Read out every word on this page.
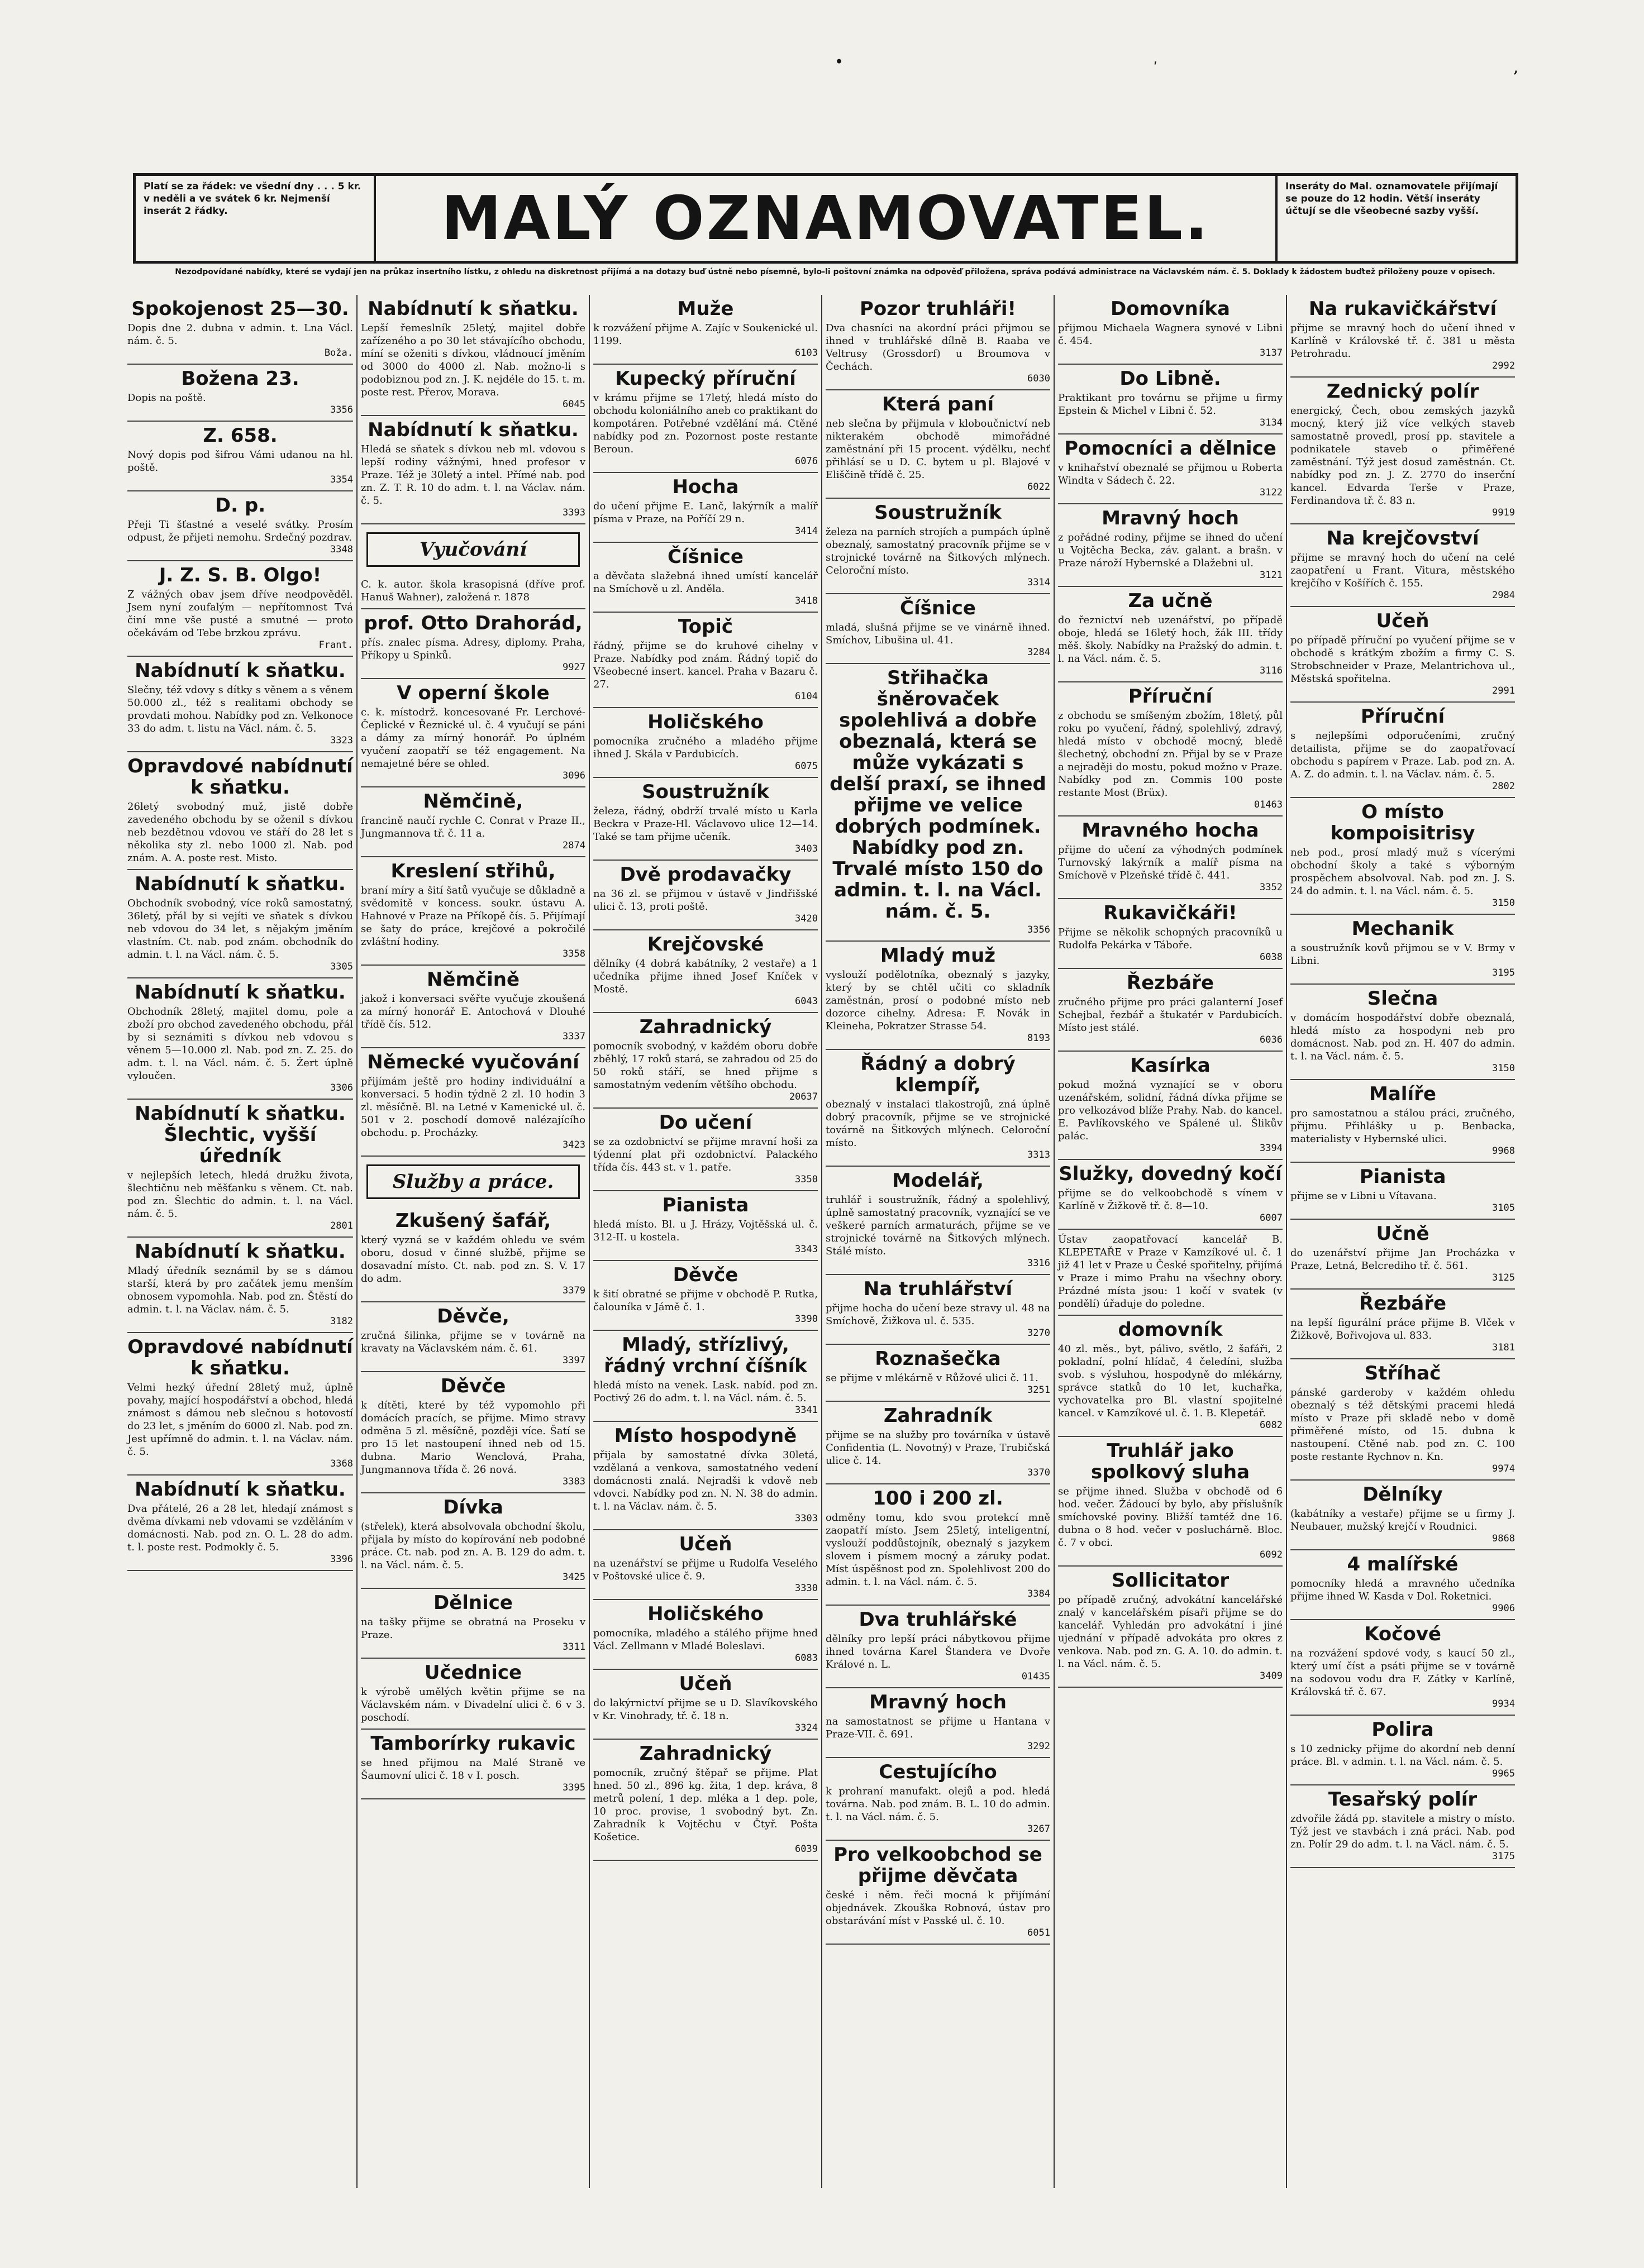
•	ʹ	,
Platí se za řádek: ve všední dny . . . 5 kr. v neděli a ve svátek 6 kr. Nejmenší inserát 2 řádky.	MALÝ OZNAMOVATEL.	Inseráty do Mal. oznamovatele přijímají se pouze do 12 hodin. Větší inseráty účtují se dle všeobecné sazby vyšší.
Nezodpovídané nabídky, které se vydají jen na průkaz insertního lístku, z ohledu na diskretnost přijímá a na dotazy buď ústně nebo písemně, bylo-li poštovní známka na odpověď přiložena, správa podává administrace na Václavském nám. č. 5. Doklady k žádostem buďtež přiloženy pouze v opisech.
Spokojenost 25—30.

Dopis dne 2. dubna v admin. t. Lna Václ. nám. č. 5.

Boža.
Božena 23.

Dopis na poště.

3356
Z. 658.

Nový dopis pod šifrou Vámi udanou na hl. poště.

3354
D. p.

Přeji Ti šťastné a veselé svátky. Prosím odpust, že přijeti nemohu. Srdečný pozdrav.

3348
J. Z. S. B. Olgo!

Z vážných obav jsem dříve neodpověděl. Jsem nyní zoufalým — nepřítomnost Tvá činí mne vše pusté a smutné — proto očekávám od Tebe brzkou zprávu.

Frant.
Nabídnutí k sňatku.

Slečny, též vdovy s dítky s věnem a s věnem 50.000 zl., též s realitami obchody se provdati mohou. Nabídky pod zn. Velkonoce 33 do adm. t. listu na Václ. nám. č. 5.

3323
Opravdové nabídnutí k sňatku.

26letý svobodný muž, jistě dobře zavedeného obchodu by se oženil s dívkou neb bezdětnou vdovou ve stáří do 28 let s několika sty zl. nebo 1000 zl. Nab. pod znám. A. A. poste rest. Misto.

Nabídnutí k sňatku.

Obchodník svobodný, více roků samostatný, 36letý, přál by si vejíti ve sňatek s dívkou neb vdovou do 34 let, s nějakým jměním vlastním. Ct. nab. pod znám. obchodník do admin. t. l. na Václ. nám. č. 5.

3305
Nabídnutí k sňatku.

Obchodník 28letý, majitel domu, pole a zboží pro obchod zavedeného obchodu, přál by si seznámiti s dívkou neb vdovou s věnem 5—10.000 zl. Nab. pod zn. Z. 25. do adm. t. l. na Václ. nám. č. 5. Žert úplně vyloučen.

3306
Nabídnutí k sňatku. Šlechtic, vyšší úředník

v nejlepších letech, hledá družku života, šlechtičnu neb měšťanku s věnem. Ct. nab. pod zn. Šlechtic do admin. t. l. na Václ. nám. č. 5.

2801
Nabídnutí k sňatku.

Mladý úředník seznámil by se s dámou starší, která by pro začátek jemu menším obnosem vypomohla. Nab. pod zn. Štěstí do admin. t. l. na Václav. nám. č. 5.

3182
Opravdové nabídnutí k sňatku.

Velmi hezký úřední 28letý muž, úplně povahy, mající hospodářství a obchod, hledá známost s dámou neb slečnou s hotovostí do 23 let, s jměním do 6000 zl. Nab. pod zn. Jest upřímně do admin. t. l. na Václav. nám. č. 5.

3368
Nabídnutí k sňatku.

Dva přátelé, 26 a 28 let, hledají známost s dvěma dívkami neb vdovami se vzděláním v domácnosti. Nab. pod zn. O. L. 28 do adm. t. l. poste rest. Podmokly č. 5.

3396
Nabídnutí k sňatku.

Lepší řemeslník 25letý, majitel dobře zařízeného a po 30 let stávajícího obchodu, míní se oženiti s dívkou, vládnoucí jměním od 3000 do 4000 zl. Nab. možno-li s podobiznou pod zn. J. K. nejdéle do 15. t. m. poste rest. Přerov, Morava.

6045
Nabídnutí k sňatku.

Hledá se sňatek s dívkou neb ml. vdovou s lepší rodiny vážnými, hned profesor v Praze. Též je 30letý a intel. Přímé nab. pod zn. Z. T. R. 10 do adm. t. l. na Václav. nám. č. 5.

3393
Vyučování

C. k. autor. škola krasopisná (dříve prof. Hanuš Wahner), založená r. 1878

prof. Otto Drahorád,

přís. znalec písma. Adresy, diplomy. Praha, Příkopy u Spinků.

9927
V operní škole

c. k. místodrž. koncesované Fr. Lerchové-Čeplické v Řeznické ul. č. 4 vyučují se páni a dámy za mírný honorář. Po úplném vyučení zaopatří se též engagement. Na nemajetné bére se ohled.

3096
Němčině,

francině naučí rychle C. Conrat v Praze II., Jungmannova tř. č. 11 a.

2874
Kreslení střihů,

braní míry a šití šatů vyučuje se důkladně a svědomitě v koncess. soukr. ústavu A. Hahnové v Praze na Příkopě čís. 5. Přijímají se šaty do práce, krejčové a pokročilé zvláštní hodiny.

3358
Němčině

jakož i konversaci svěřte vyučuje zkoušená za mírný honorář E. Antochová v Dlouhé třídě čís. 512.

3337
Německé vyučování

přijímám ještě pro hodiny individuální a konversaci. 5 hodin týdně 2 zl. 10 hodin 3 zl. měsíčně. Bl. na Letné v Kamenické ul. č. 501 v 2. poschodí domově nalézajícího obchodu. p. Procházky.

3423
Služby a práce.
Zkušený šafář,

který vyzná se v každém ohledu ve svém oboru, dosud v činné službě, přijme se dosavadní místo. Ct. nab. pod zn. S. V. 17 do adm.

3379
Děvče,

zručná šilinka, přijme se v továrně na kravaty na Václavském nám. č. 61.

3397
Děvče

k dítěti, které by též vypomohlo při domácích pracích, se přijme. Mimo stravy odměna 5 zl. měsíčně, později více. Šatí se pro 15 let nastoupení ihned neb od 15. dubna. Mario Wenclová, Praha, Jungmannova třída č. 26 nová.

3383
Dívka

(střelek), která absolvovala obchodní školu, přijala by místo do kopírování neb podobné práce. Ct. nab. pod zn. A. B. 129 do adm. t. l. na Václ. nám. č. 5.

3425
Dělnice

na tašky přijme se obratná na Proseku v Praze.

3311
Učednice

k výrobě umělých květin přijme se na Václavském nám. v Divadelní ulici č. 6 v 3. poschodí.

Tamborírky rukavic

se hned přijmou na Malé Straně ve Šaumovní ulici č. 18 v I. posch.

3395
Muže

k rozvážení přijme A. Zajíc v Soukenické ul. 1199.

6103
Kupecký příruční

v krámu přijme se 17letý, hledá místo do obchodu koloniálního aneb co praktikant do kompotáren. Potřebné vzdělání má. Ctěné nabídky pod zn. Pozornost poste restante Beroun.

6076
Hocha

do učení přijme E. Lanč, lakýrník a malíř písma v Praze, na Poříčí 29 n.

3414
Číšnice

a děvčata slažebná ihned umístí kancelář na Smíchově u zl. Anděla.

3418
Topič

řádný, přijme se do kruhové cihelny v Praze. Nabídky pod znám. Řádný topič do Všeobecné insert. kancel. Praha v Bazaru č. 27.

6104
Holičského

pomocníka zručného a mladého přijme ihned J. Skála v Pardubicích.

6075
Soustružník

železa, řádný, obdrží trvalé místo u Karla Beckra v Praze-Hl. Václavovo ulice 12—14. Také se tam přijme učeník.

3403
Dvě prodavačky

na 36 zl. se přijmou v ústavě v Jindřišské ulici č. 13, proti poště.

3420
Krejčovské

dělníky (4 dobrá kabátníky, 2 vestaře) a 1 učedníka přijme ihned Josef Kníček v Mostě.

6043
Zahradnický

pomocník svobodný, v každém oboru dobře zběhlý, 17 roků stará, se zahradou od 25 do 50 roků stáří, se hned přijme s samostatným vedením většího obchodu.

20637
Do učení

se za ozdobnictví se přijme mravní hoši za týdenní plat při ozdobnictví. Palackého třída čís. 443 st. v 1. patře.

3350
Pianista

hledá místo. Bl. u J. Hrázy, Vojtěšská ul. č. 312-II. u kostela.

3343
Děvče

k šití obratné se přijme v obchodě P. Rutka, čalouníka v Jámě č. 1.

3390
Mladý, střízlivý, řádný vrchní číšník

hledá místo na venek. Lask. nabíd. pod zn. Poctivý 26 do adm. t. l. na Václ. nám. č. 5.

3341
Místo hospodyně

přijala by samostatné dívka 30letá, vzdělaná a venkova, samostatného vedení domácnosti znalá. Nejradši k vdově neb vdovci. Nabídky pod zn. N. N. 38 do admin. t. l. na Václav. nám. č. 5.

3303
Učeň

na uzenářství se přijme u Rudolfa Veselého v Poštovské ulice č. 9.

3330
Holičského

pomocníka, mladého a stálého přijme hned Václ. Zellmann v Mladé Boleslavi.

6083
Učeň

do lakýrnictví přijme se u D. Slavíkovského v Kr. Vinohrady, tř. č. 18 n.

3324
Zahradnický

pomocník, zručný štěpař se přijme. Plat hned. 50 zl., 896 kg. žita, 1 dep. kráva, 8 metrů polení, 1 dep. mléka a 1 dep. pole, 10 proc. provise, 1 svobodný byt. Zn. Zahradník k Vojtěchu v Čtyř. Pošta Košetice.

6039
Pozor truhláři!

Dva chasníci na akordní práci přijmou se ihned v truhlářské dílně B. Raaba ve Veltrusy (Grossdorf) u Broumova v Čechách.

6030
Která paní

neb slečna by přijmula v kloboučnictví neb nikterakém obchodě mimořádné zaměstnání při 15 procent. výdělku, nechť přihlásí se u D. C. bytem u pl. Blajové v Eliščině třídě č. 25.

6022
Soustružník

železa na parních strojích a pumpách úplně obeznalý, samostatný pracovník přijme se v strojnické továrně na Šitkových mlýnech. Celoroční místo.

3314
Číšnice

mladá, slušná přijme se ve vinárně ihned. Smíchov, Libušina ul. 41.

3284
Střihačka šněrovaček spolehlivá a dobře obeznalá, která se může vykázati s delší praxí, se ihned přijme ve velice dobrých podmínek. Nabídky pod zn. Trvalé místo 150 do admin. t. l. na Václ. nám. č. 5.
3356
Mladý muž

vyslouží podělotníka, obeznalý s jazyky, který by se chtěl učiti co skladník zaměstnán, prosí o podobné místo neb dozorce cihelny. Adresa: F. Novák in Kleineha, Pokratzer Strasse 54.

8193
Řádný a dobrý klempíř,

obeznalý v instalaci tlakostrojů, zná úplně dobrý pracovník, přijme se ve strojnické továrně na Šitkových mlýnech. Celoroční místo.

3313
Modelář,

truhlář i soustružník, řádný a spolehlivý, úplně samostatný pracovník, vyznající se ve veškeré parních armaturách, přijme se ve strojnické továrně na Šitkových mlýnech. Stálé místo.

3316
Na truhlářství

přijme hocha do učení beze stravy ul. 48 na Smíchově, Žižkova ul. č. 535.

3270
Roznašečka

se přijme v mlékárně v Růžové ulici č. 11.

3251
Zahradník

přijme se na služby pro továrníka v ústavě Confidentia (L. Novotný) v Praze, Trubičská ulice č. 14.

3370
100 i 200 zl.

odměny tomu, kdo svou protekcí mně zaopatří místo. Jsem 25letý, inteligentní, vyslouží poddůstojník, obeznalý s jazykem slovem i písmem mocný a záruky podat. Míst úspěšnost pod zn. Spolehlivost 200 do admin. t. l. na Václ. nám. č. 5.

3384
Dva truhlářské

dělníky pro lepší práci nábytkovou přijme ihned továrna Karel Štandera ve Dvoře Králové n. L.

01435
Mravný hoch

na samostatnost se přijme u Hantana v Praze-VII. č. 691.

3292
Cestujícího

k prohraní manufakt. olejů a pod. hledá továrna. Nab. pod znám. B. L. 10 do admin. t. l. na Václ. nám. č. 5.

3267
Pro velkoobchod se přijme děvčata

české i něm. řeči mocná k přijímání objednávek. Zkouška Robnová, ústav pro obstarávání míst v Passké ul. č. 10.

6051
Domovníka

přijmou Michaela Wagnera synové v Libni č. 454.

3137
Do Libně.

Praktikant pro továrnu se přijme u firmy Epstein & Michel v Libni č. 52.

3134
Pomocníci a dělnice

v knihařství obeznalé se přijmou u Roberta Windta v Sádech č. 22.

3122
Mravný hoch

z pořádné rodiny, přijme se ihned do učení u Vojtěcha Becka, záv. galant. a brašn. v Praze nároží Hybernské a Dlažebni ul.

3121
Za učně

do řeznictví neb uzenářství, po případě oboje, hledá se 16letý hoch, žák III. třídy měš. školy. Nabídky na Pražský do admin. t. l. na Václ. nám. č. 5.

3116
Příruční

z obchodu se smíšeným zbožím, 18letý, půl roku po vyučení, řádný, spolehlivý, zdravý, hledá místo v obchodě mocný, bledě šlechetný, obchodní zn. Přijal by se v Praze a nejraději do mostu, pokud možno v Praze. Nabídky pod zn. Commis 100 poste restante Most (Brüx).

01463
Mravného hocha

přijme do učení za výhodných podmínek Turnovský lakýrník a malíř písma na Smíchově v Plzeňské třídě č. 441.

3352
Rukavičkáři!

Přijme se několik schopných pracovníků u Rudolfa Pekárka v Táboře.

6038
Řezbáře

zručného přijme pro práci galanterní Josef Schejbal, řezbář a štukatér v Pardubicích. Místo jest stálé.

6036
Kasírka

pokud možná vyznající se v oboru uzenářském, solidní, řádná dívka přijme se pro velkozávod blíže Prahy. Nab. do kancel. E. Pavlíkovského ve Spálené ul. Šlikův palác.

3394
Služky, dovedný kočí

přijme se do velkoobchodě s vínem v Karlíně v Žižkově tř. č. 8—10.

6007

Ústav zaopatřovací kancelář B. KLEPETAŘE v Praze v Kamzíkové ul. č. 1 již 41 let v Praze u České spořitelny, přijímá v Praze i mimo Prahu na všechny obory. Prázdné místa jsou: 1 kočí v svatek (v pondělí) úřaduje do poledne.

domovník

40 zl. měs., byt, pálivo, světlo, 2 šafáři, 2 pokladní, polní hlídač, 4 čeledíni, služba svob. s výsluhou, hospodyně do mlékárny, správce statků do 10 let, kuchařka, vychovatelka pro Bl. vlastní spojitelné kancel. v Kamzíkové ul. č. 1. B. Klepetář.

6082
Truhlář jako spolkový sluha

se přijme ihned. Služba v obchodě od 6 hod. večer. Žádoucí by bylo, aby příslušník smíchovské poviny. Bližší tamtéž dne 16. dubna o 8 hod. večer v posluchárně. Bloc. č. 7 v obci.

6092
Sollicitator

po případě zručný, advokátní kancelářské znalý v kancelářském písaři přijme se do kancelář. Vyhledán pro advokátní i jiné ujednání v případě advokáta pro okres z venkova. Nab. pod zn. G. A. 10. do admin. t. l. na Václ. nám. č. 5.

3409
Na rukavičkářství

přijme se mravný hoch do učení ihned v Karlíně v Královské tř. č. 381 u města Petrohradu.

2992
Zednický polír

energický, Čech, obou zemských jazyků mocný, který již více velkých staveb samostatně provedl, prosí pp. stavitele a podnikatele staveb o přiměřené zaměstnání. Týž jest dosud zaměstnán. Ct. nabídky pod zn. J. Z. 2770 do inserční kancel. Edvarda Terše v Praze, Ferdinandova tř. č. 83 n.

9919
Na krejčovství

přijme se mravný hoch do učení na celé zaopatření u Frant. Vitura, městského krejčího v Košířích č. 155.

2984
Učeň

po případě příruční po vyučení přijme se v obchodě s krátkým zbožím a firmy C. S. Strobschneider v Praze, Melantrichova ul., Městská spořitelna.

2991
Příruční

s nejlepšími odporučeními, zručný detailista, přijme se do zaopatřovací obchodu s papírem v Praze. Lab. pod zn. A. A. Z. do admin. t. l. na Václav. nám. č. 5.

2802
O místo kompoisitrisy

neb pod., prosí mladý muž s vícerými obchodní školy a také s výborným prospěchem absolvoval. Nab. pod zn. J. S. 24 do admin. t. l. na Václ. nám. č. 5.

3150
Mechanik

a soustružník kovů přijmou se v V. Brmy v Libni.

3195
Slečna

v domácím hospodářství dobře obeznalá, hledá místo za hospodyni neb pro domácnost. Nab. pod zn. H. 407 do admin. t. l. na Václ. nám. č. 5.

3150
Malíře

pro samostatnou a stálou práci, zručného, přijmu. Přihlášky u p. Benbacka, materialisty v Hybernské ulici.

9968
Pianista

přijme se v Libni u Vítavana.

3105
Učně

do uzenářství přijme Jan Procházka v Praze, Letná, Belcrediho tř. č. 561.

3125
Řezbáře

na lepší figurální práce přijme B. Vlček v Žižkově, Bořivojova ul. 833.

3181
Stříhač

pánské garderoby v každém ohledu obeznalý s též dětskými pracemi hledá místo v Praze při skladě nebo v domě přiměřené místo, od 15. dubna k nastoupení. Ctěné nab. pod zn. C. 100 poste restante Rychnov n. Kn.

9974
Dělníky

(kabátníky a vestaře) přijme se u firmy J. Neubauer, mužský krejčí v Roudnici.

9868
4 malířské

pomocníky hledá a mravného učedníka přijme ihned W. Kasda v Dol. Roketnici.

9906
Kočové

na rozvážení spdové vody, s kaucí 50 zl., který umí číst a psáti přijme se v továrně na sodovou vodu dra F. Zátky v Karlíně, Královská tř. č. 67.

9934
Polira

s 10 zednicky přijme do akordní neb denní práce. Bl. v admin. t. l. na Václ. nám. č. 5.

9965
Tesařský polír

zdvořile žádá pp. stavitele a mistry o místo. Týž jest ve stavbách i zná práci. Nab. pod zn. Polír 29 do adm. t. l. na Václ. nám. č. 5.

3175
